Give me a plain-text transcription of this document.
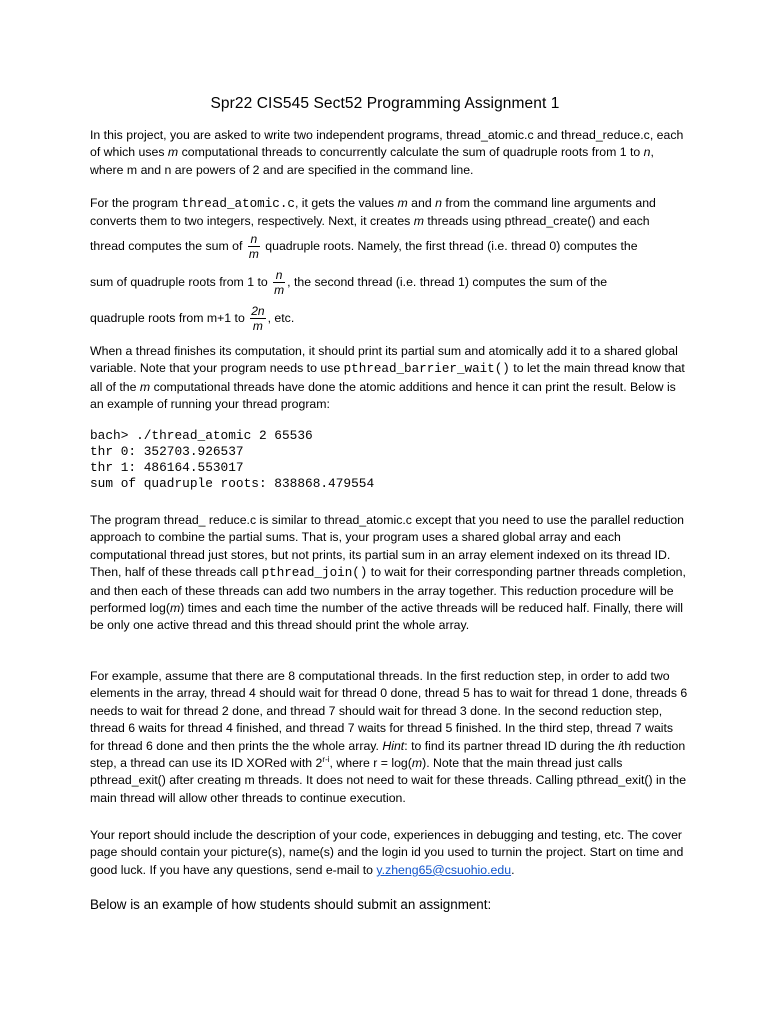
Spr22 CIS545 Sect52 Programming Assignment 1

In this project, you are asked to write two independent programs, thread_atomic.c and thread_reduce.c, each of which uses m computational threads to concurrently calculate the sum of quadruple roots from 1 to n, where m and n are powers of 2 and are specified in the command line.

For the program thread_atomic.c, it gets the values m and n from the command line arguments and
converts them to two integers, respectively. Next, it creates m threads using pthread_create() and each
thread computes the sum of $\frac{n}{m}$ quadruple roots. Namely, the first thread (i.e. thread 0) computes the
sum of quadruple roots from 1 to $\frac{n}{m}$ , the second thread (i.e. thread 1) computes the sum of the
quadruple roots from m+1 to $\frac{2n}{m}$ , etc.

When a thread finishes its computation, it should print its partial sum and atomically add it to a shared global variable. Note that your program needs to use pthread_barrier_wait() to let the main thread know that all of the m computational threads have done the atomic additions and hence it can print the result. Below is an example of running your thread program:

bach> ./thread_atomic 2 65536

thr 0: 352703.926537

thr 1: 486164.553017

sum of quadruple roots: 838868.479554

The program thread_ reduce.c is similar to thread_atomic.c except that you need to use the parallel reduction approach to combine the partial sums. That is, your program uses a shared global array and each computational thread just stores, but not prints, its partial sum in an array element indexed on its thread ID. Then, half of these threads call pthread_join() to wait for their corresponding partner threads completion, and then each of these threads can add two numbers in the array together. This reduction procedure will be performed log(m) times and each time the number of the active threads will be reduced half. Finally, there will be only one active thread and this thread should print the whole array.

For example, assume that there are 8 computational threads. In the first reduction step, in order to add two elements in the array, thread 4 should wait for thread 0 done, thread 5 has to wait for thread 1 done, threads 6 needs to wait for thread 2 done, and thread 7 should wait for thread 3 done. In the second reduction step, thread 6 waits for thread 4 finished, and thread 7 waits for thread 5 finished. In the third step, thread 7 waits for thread 6 done and then prints the the whole array. Hint: to find its partner thread ID during the ith reduction step, a thread can use its ID XORed with 2$^{r-i}$, where r = log(m). Note that the main thread just calls pthread_exit() after creating m threads. It does not need to wait for these threads. Calling pthread_exit() in the main thread will allow other threads to continue execution.

Your report should include the description of your code, experiences in debugging and testing, etc. The cover page should contain your picture(s), name(s) and the login id you used to turnin the project. Start on time and good luck. If you have any questions, send e-mail to y.zheng65@csuohio.edu.

Below is an example of how students should submit an assignment:
